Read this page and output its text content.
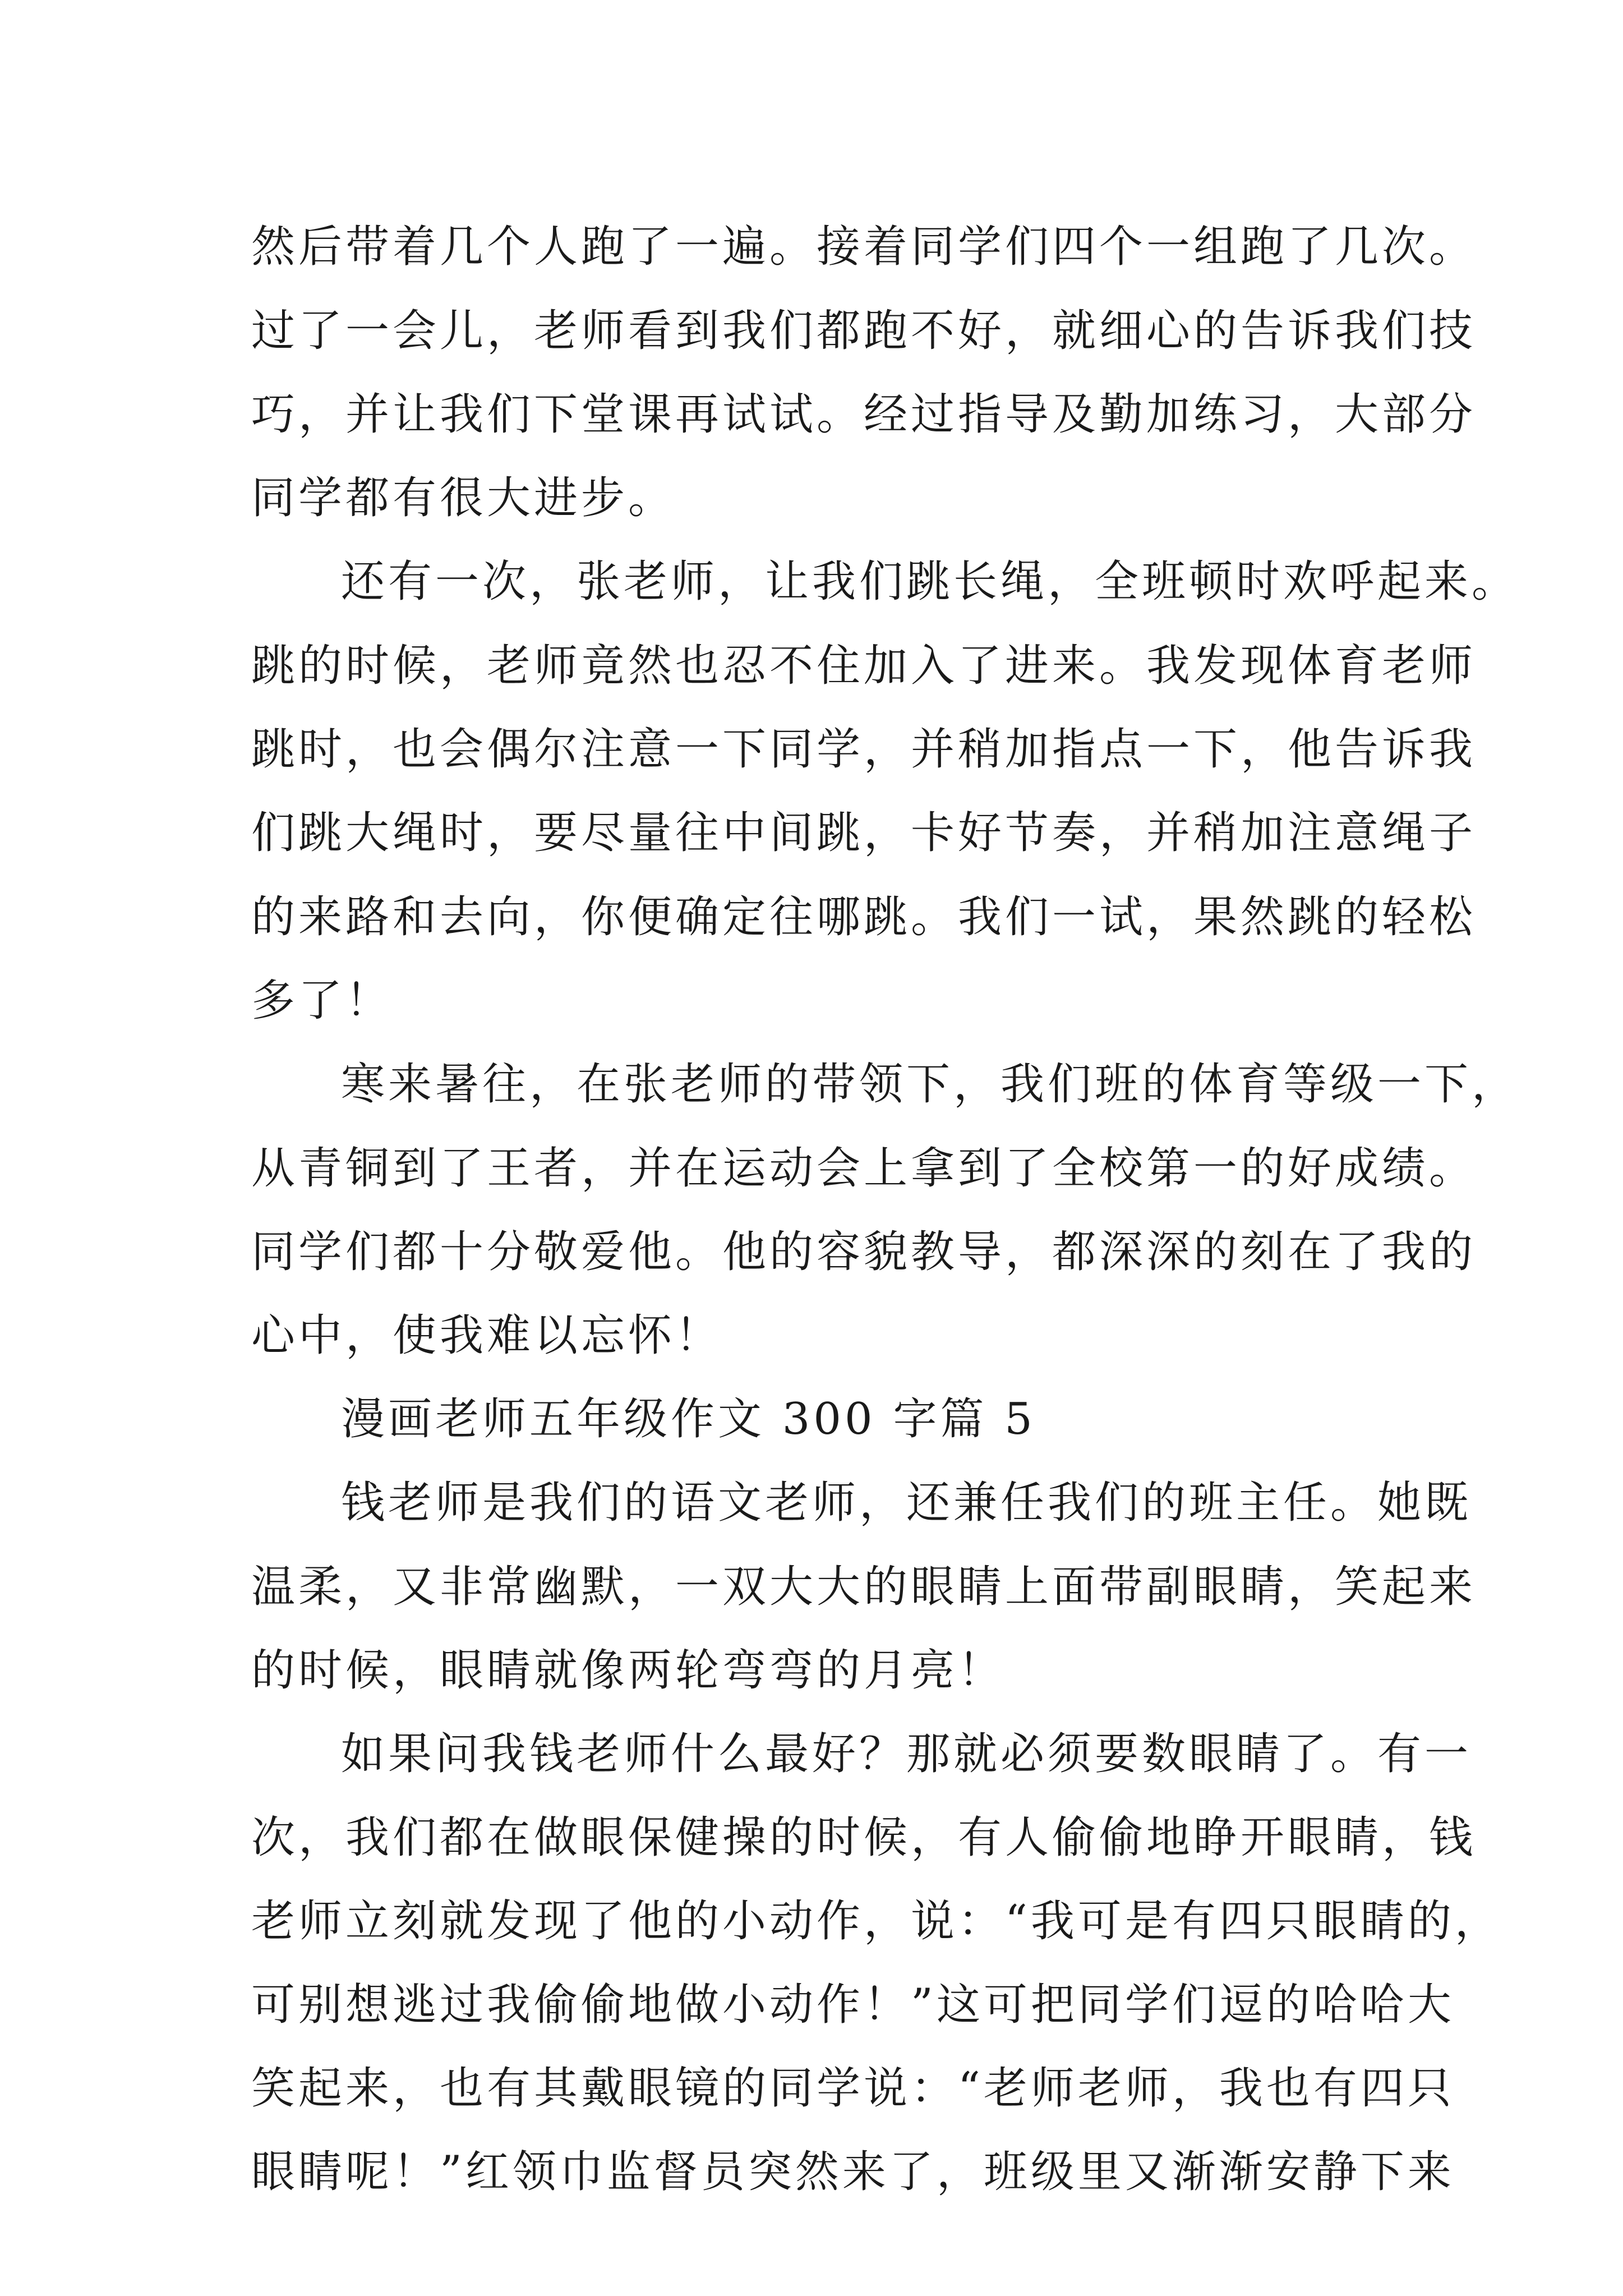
然后带着几个人跑了一遍。接着同学们四个一组跑了几次。
过了一会儿，老师看到我们都跑不好，就细心的告诉我们技
巧，并让我们下堂课再试试。经过指导及勤加练习，大部分
同学都有很大进步。
还有一次，张老师，让我们跳长绳，全班顿时欢呼起来。
跳的时候，老师竟然也忍不住加入了进来。我发现体育老师
跳时，也会偶尔注意一下同学，并稍加指点一下，他告诉我
们跳大绳时，要尽量往中间跳，卡好节奏，并稍加注意绳子
的来路和去向，你便确定往哪跳。我们一试，果然跳的轻松
多了！
寒来暑往，在张老师的带领下，我们班的体育等级一下，
从青铜到了王者，并在运动会上拿到了全校第一的好成绩。
同学们都十分敬爱他。他的容貌教导，都深深的刻在了我的
心中，使我难以忘怀！
漫画老师五年级作文 300 字篇 5
钱老师是我们的语文老师，还兼任我们的班主任。她既
温柔，又非常幽默，一双大大的眼睛上面带副眼睛，笑起来
的时候，眼睛就像两轮弯弯的月亮！
如果问我钱老师什么最好？那就必须要数眼睛了。有一
次，我们都在做眼保健操的时候，有人偷偷地睁开眼睛，钱
老师立刻就发现了他的小动作，说：“我可是有四只眼睛的，
可别想逃过我偷偷地做小动作！”这可把同学们逗的哈哈大
笑起来，也有其戴眼镜的同学说：“老师老师，我也有四只
眼睛呢！”红领巾监督员突然来了，班级里又渐渐安静下来
